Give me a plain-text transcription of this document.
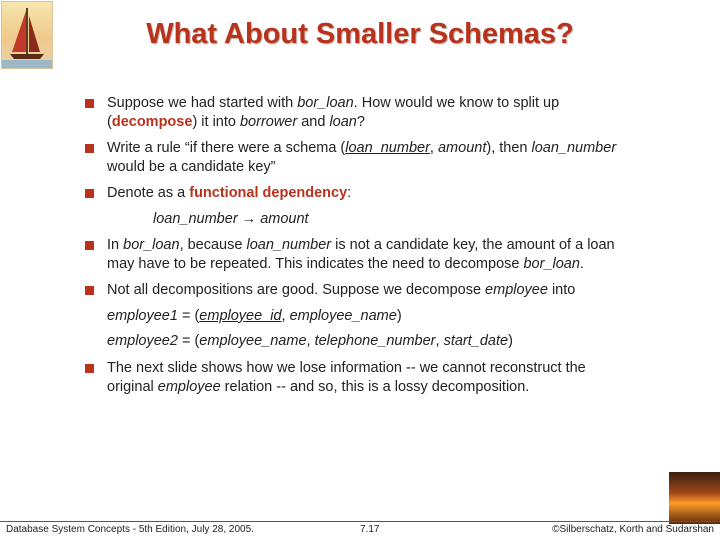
What About Smaller Schemas?
Suppose we had started with bor_loan. How would we know to split up
(decompose) it into borrower and loan?
Write a rule “if there were a schema (loan_number, amount), then loan_number
would be a candidate key”
Denote as a functional dependency:
loan_number → amount
In bor_loan, because loan_number is not a candidate key, the amount of a loan
may have to be repeated. This indicates the need to decompose bor_loan.
Not all decompositions are good. Suppose we decompose employee into
employee1 = (employee_id, employee_name)
employee2 = (employee_name, telephone_number, start_date)
The next slide shows how we lose information -- we cannot reconstruct the
original employee relation -- and so, this is a lossy decomposition.
Database System Concepts - 5th Edition, July 28, 2005.	7.17	©Silberschatz, Korth and Sudarshan
